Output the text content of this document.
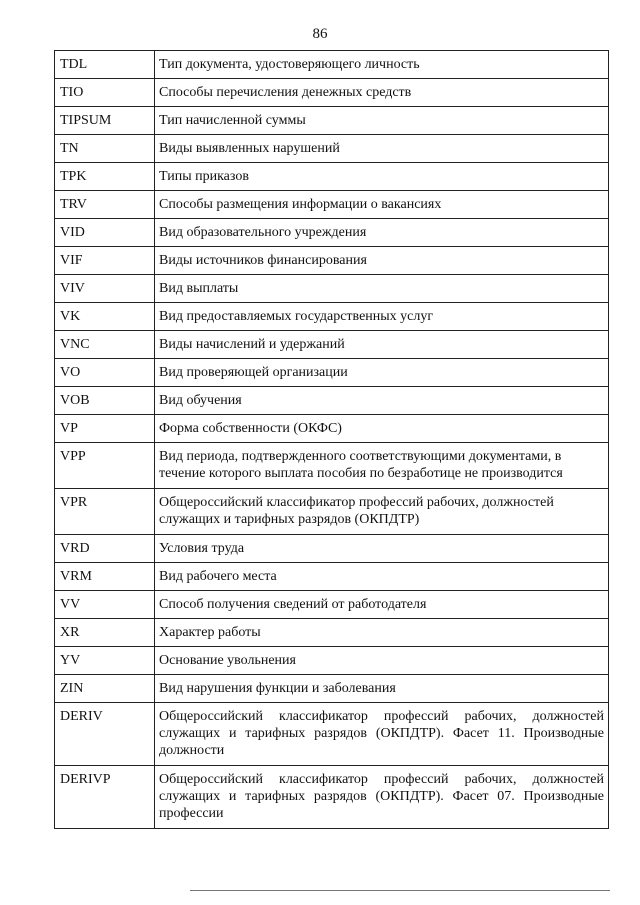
86
TDL	Тип документа, удостоверяющего личность
TIO	Способы перечисления денежных средств
TIPSUM	Тип начисленной суммы
TN	Виды выявленных нарушений
TPK	Типы приказов
TRV	Способы размещения информации о вакансиях
VID	Вид образовательного учреждения
VIF	Виды источников финансирования
VIV	Вид выплаты
VK	Вид предоставляемых государственных услуг
VNC	Виды начислений и удержаний
VO	Вид проверяющей организации
VOB	Вид обучения
VP	Форма собственности (ОКФС)
VPP	Вид периода, подтвержденного соответствующими документами, в течение которого выплата пособия по безработице не производится
VPR	Общероссийский классификатор профессий рабочих, должностей служащих и тарифных разрядов (ОКПДТР)
VRD	Условия труда
VRM	Вид рабочего места
VV	Способ получения сведений от работодателя
XR	Характер работы
YV	Основание увольнения
ZIN	Вид нарушения функции и заболевания
DERIV	Общероссийский классификатор профессий рабочих, должностей служащих и тарифных разрядов (ОКПДТР). Фасет 11. Производные должности
DERIVP	Общероссийский классификатор профессий рабочих, должностей служащих и тарифных разрядов (ОКПДТР). Фасет 07. Производные профессии
